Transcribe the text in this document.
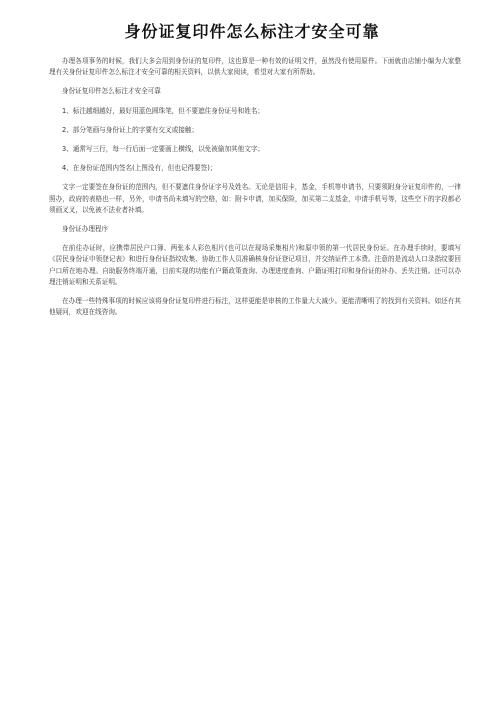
身份证复印件怎么标注才安全可靠

办理各项事务的时候，我们大多会用到身份证的复印件，这也算是一种有效的证明文件，虽然没有使用原件。下面就由店铺小编为大家整理有关身份证复印件怎么标注才安全可靠的相关资料，以供大家阅读，希望对大家有所帮助。

身份证复印件怎么标注才安全可靠

1、标注越细越好，最好用蓝色圆珠笔，但不要遮住身份证号和姓名；

2、部分笔画与身份证上的字要有交叉或接触；

3、通常写三行，每一行后面一定要画上横线，以免被偷加其他文字；

4、在身份证范围内签名(上图没有，但也记得要签)；

文字一定要签在身份证的范围内，但不要遮住身份证字号及姓名。无论是信用卡，基金，手机等申请书，只要须附身分证复印件的，一律照办，政府的表格也一样，另外，申请书尚未填写的空格，如：附卡申请，加买保险，加买第二支基金，申请手机号等，这些空下的字段都必须画叉叉，以免被不法业者补填。

身份证办理程序

在前往办证时，应携带居民户口簿、两张本人彩色相片(也可以在现场采集相片)和原申领的第一代居民身份证。在办理手续时，要填写《居民身份证申领登记表》和进行身份证指纹收集、协助工作人员准确核身份证登记项目，并交纳证件工本费。注意的是流动人口录指纹要回户口所在地办理。自助服务终端开通，目前实现的功能有户籍政策查询、办理进度查询、户籍证明打印和身份证的补办、丢失注销。还可以办理注销证明和关系证明。

在办理一些特殊事项的时候应该将身份证复印件进行标注，这样更能是审核的工作量大大减少。更能清晰明了的找到有关资料。如还有其他疑问，欢迎在线咨询。
